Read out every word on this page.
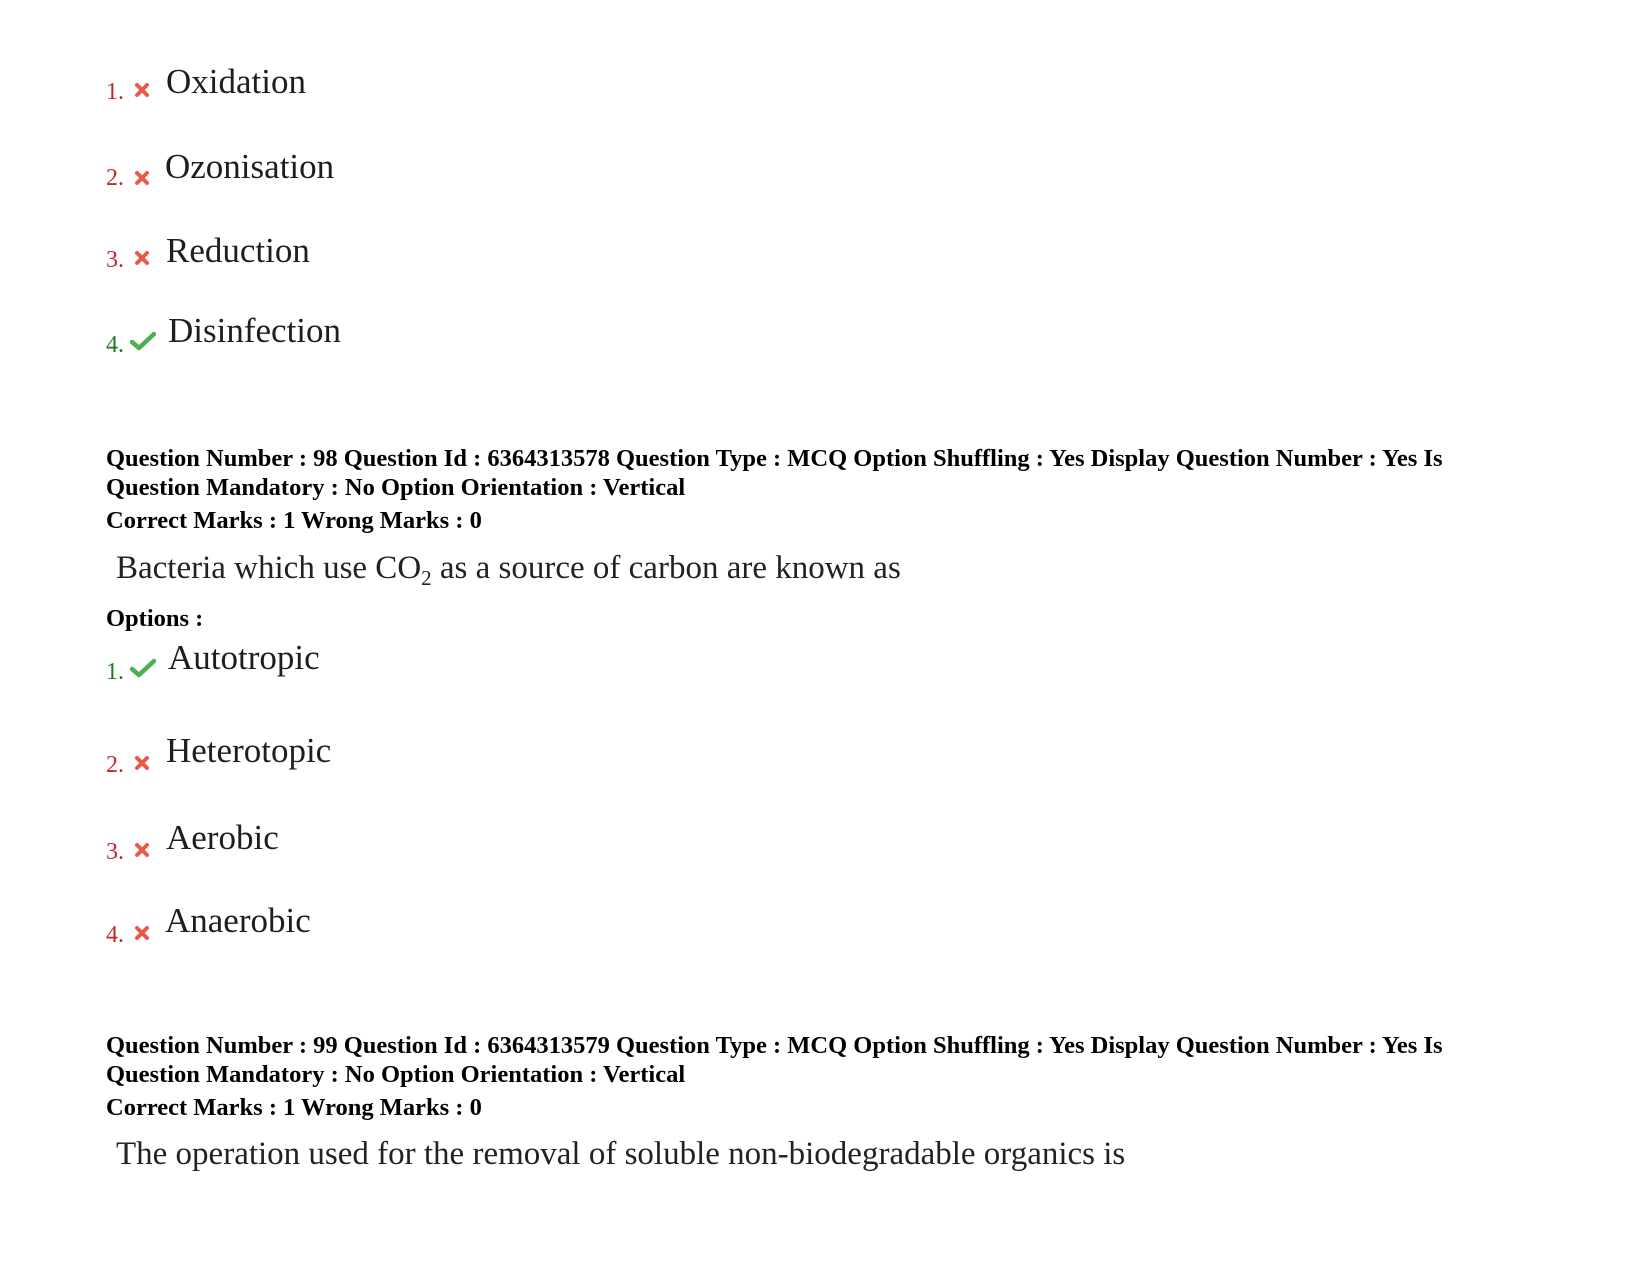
1. Oxidation
2. Ozonisation
3. Reduction
4. Disinfection
Question Number : 98 Question Id : 6364313578 Question Type : MCQ Option Shuffling : Yes Display Question Number : Yes Is
Question Mandatory : No Option Orientation : Vertical
Correct Marks : 1 Wrong Marks : 0
Bacteria which use $CO_2$ as a source of carbon are known as
Options :
1. Autotropic
2. Heterotopic
3. Aerobic
4. Anaerobic
Question Number : 99 Question Id : 6364313579 Question Type : MCQ Option Shuffling : Yes Display Question Number : Yes Is
Question Mandatory : No Option Orientation : Vertical
Correct Marks : 1 Wrong Marks : 0
The operation used for the removal of soluble non-biodegradable organics is
